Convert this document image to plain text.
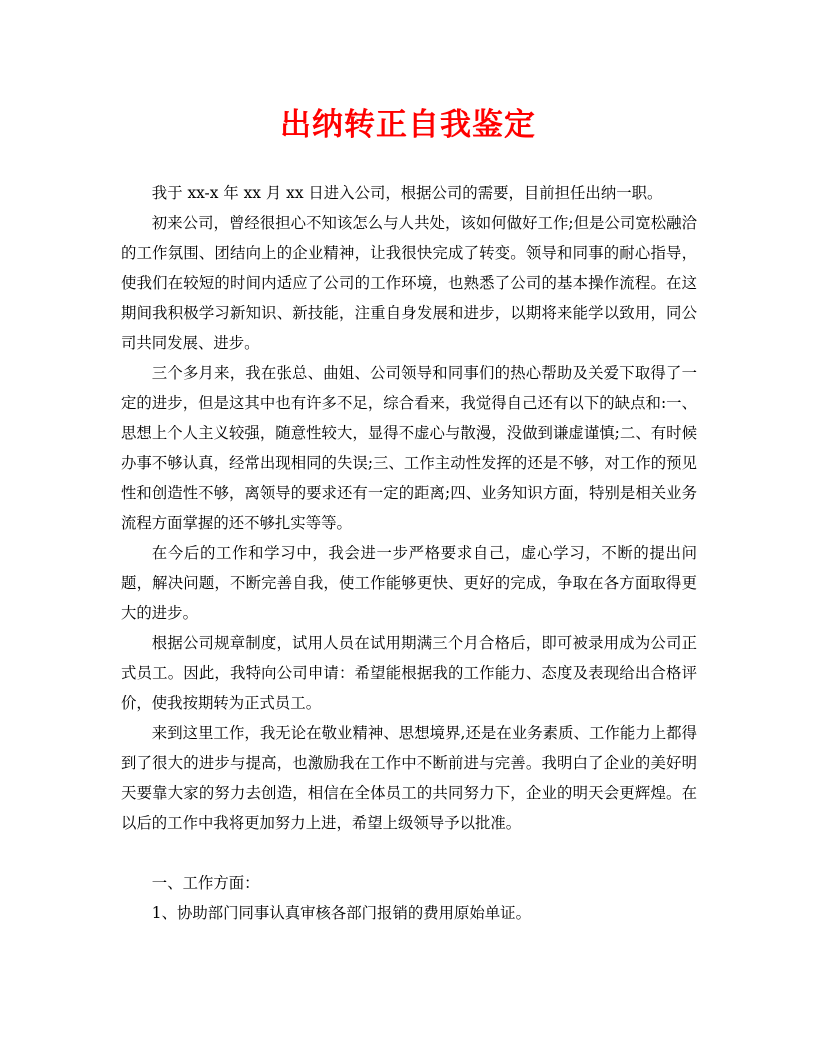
出纳转正自我鉴定

我于 xx-x 年 xx 月 xx 日进入公司，根据公司的需要，目前担任出纳一职。

初来公司，曾经很担心不知该怎么与人共处，该如何做好工作;但是公司宽松融洽的工作氛围、团结向上的企业精神，让我很快完成了转变。领导和同事的耐心指导，使我们在较短的时间内适应了公司的工作环境，也熟悉了公司的基本操作流程。在这期间我积极学习新知识、新技能，注重自身发展和进步，以期将来能学以致用，同公司共同发展、进步。

三个多月来，我在张总、曲姐、公司领导和同事们的热心帮助及关爱下取得了一定的进步，但是这其中也有许多不足，综合看来，我觉得自己还有以下的缺点和:一、思想上个人主义较强，随意性较大，显得不虚心与散漫，没做到谦虚谨慎;二、有时候办事不够认真，经常出现相同的失误;三、工作主动性发挥的还是不够，对工作的预见性和创造性不够，离领导的要求还有一定的距离;四、业务知识方面，特别是相关业务流程方面掌握的还不够扎实等等。

在今后的工作和学习中，我会进一步严格要求自己，虚心学习，不断的提出问题，解决问题，不断完善自我，使工作能够更快、更好的完成，争取在各方面取得更大的进步。

根据公司规章制度，试用人员在试用期满三个月合格后，即可被录用成为公司正式员工。因此，我特向公司申请：希望能根据我的工作能力、态度及表现给出合格评价，使我按期转为正式员工。

来到这里工作，我无论在敬业精神、思想境界,还是在业务素质、工作能力上都得到了很大的进步与提高，也激励我在工作中不断前进与完善。我明白了企业的美好明天要靠大家的努力去创造，相信在全体员工的共同努力下，企业的明天会更辉煌。在以后的工作中我将更加努力上进，希望上级领导予以批准。

一、工作方面：

1、协助部门同事认真审核各部门报销的费用原始单证。
